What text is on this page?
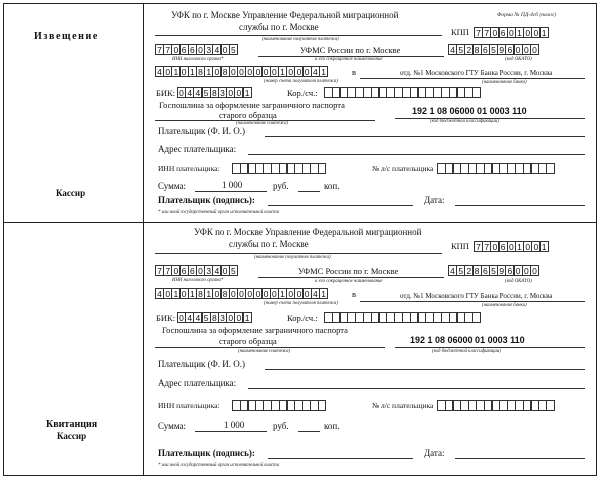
Извещение
Кассир
Квитанция
Кассир
Форма № ПД-4сб (налог)
УФК по г. Москве Управление Федеральной миграционной
службы по г. Москве
(наименование получателя платежа)
КПП 7 7 0 6 0 1 0 0 1
7 7 0 6 6 0 3 4 0 5
ИНН налогового органа*
УФМС России по г. Москве
и его сокращенное наименование
4 5 2 8 6 5 9 6 0 0 0
(код ОКАТО)
4 0 1 0 1 8 1 0 8 0 0 0 0 0 0 1 0 0 0 4 1
(номер счета получателя платежа)
в	отд. №1 Московского ГТУ Банка России, г. Москва
(наименование банка)
БИК: 0 4 4 5 8 3 0 0 1	Кор./сч.:
Госпошлина за оформление заграничного паспорта
старого образца
(наименование платежа)
192 1 08 06000 01 0003 110
(код бюджетной классификации)
Плательщик (Ф. И. О.)
Адрес плательщика:
ИНН плательщика:	№ л/с плательщика
Сумма:	1 000	руб.	коп.
Плательщик (подпись):	Дата:
* или иной государственный орган исполнительной власти
УФК по г. Москве Управление Федеральной миграционной
службы по г. Москве
(наименование получателя платежа)
КПП 7 7 0 6 0 1 0 0 1
7 7 0 6 6 0 3 4 0 5
ИНН налогового органа*
УФМС России по г. Москве
и его сокращенное наименование
4 5 2 8 6 5 9 6 0 0 0
(код ОКАТО)
4 0 1 0 1 8 1 0 8 0 0 0 0 0 0 1 0 0 0 4 1
(номер счета получателя платежа)
в	отд. №1 Московского ГТУ Банка России, г. Москва
(наименование банка)
БИК: 0 4 4 5 8 3 0 0 1	Кор./сч.:
Госпошлина за оформление заграничного паспорта
старого образца
(наименование платежа)
192 1 08 06000 01 0003 110
(код бюджетной классификации)
Плательщик (Ф. И. О.)
Адрес плательщика:
ИНН плательщика:	№ л/с плательщика
Сумма:	1 000	руб.	коп.
Плательщик (подпись):	Дата:
* или иной государственный орган исполнительной власти
